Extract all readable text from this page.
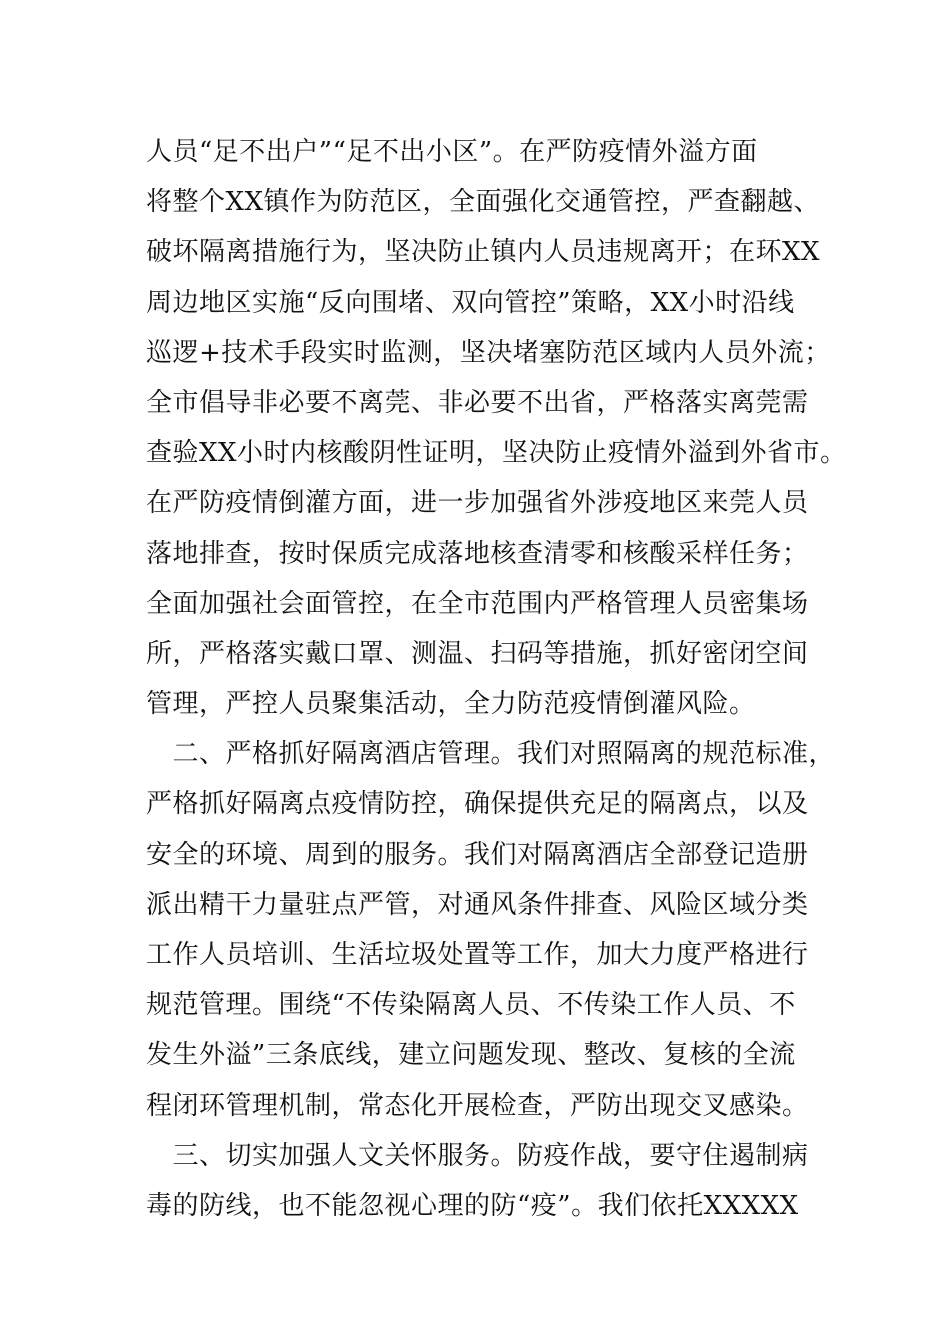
人员“足不出户”“足不出小区”。在严防疫情外溢方面
将整个XX镇作为防范区，全面强化交通管控，严查翻越、
破坏隔离措施行为，坚决防止镇内人员违规离开；在环XX
周边地区实施“反向围堵、双向管控”策略，XX小时沿线
巡逻+技术手段实时监测，坚决堵塞防范区域内人员外流；
全市倡导非必要不离莞、非必要不出省，严格落实离莞需
查验XX小时内核酸阴性证明，坚决防止疫情外溢到外省市。
在严防疫情倒灌方面，进一步加强省外涉疫地区来莞人员
落地排查，按时保质完成落地核查清零和核酸采样任务；
全面加强社会面管控，在全市范围内严格管理人员密集场
所，严格落实戴口罩、测温、扫码等措施，抓好密闭空间
管理，严控人员聚集活动，全力防范疫情倒灌风险。
　二、严格抓好隔离酒店管理。我们对照隔离的规范标准，
严格抓好隔离点疫情防控，确保提供充足的隔离点，以及
安全的环境、周到的服务。我们对隔离酒店全部登记造册
派出精干力量驻点严管，对通风条件排查、风险区域分类
工作人员培训、生活垃圾处置等工作，加大力度严格进行
规范管理。围绕“不传染隔离人员、不传染工作人员、不
发生外溢”三条底线，建立问题发现、整改、复核的全流
程闭环管理机制，常态化开展检查，严防出现交叉感染。
　三、切实加强人文关怀服务。防疫作战，要守住遏制病
毒的防线，也不能忽视心理的防“疫”。我们依托XXXXX
